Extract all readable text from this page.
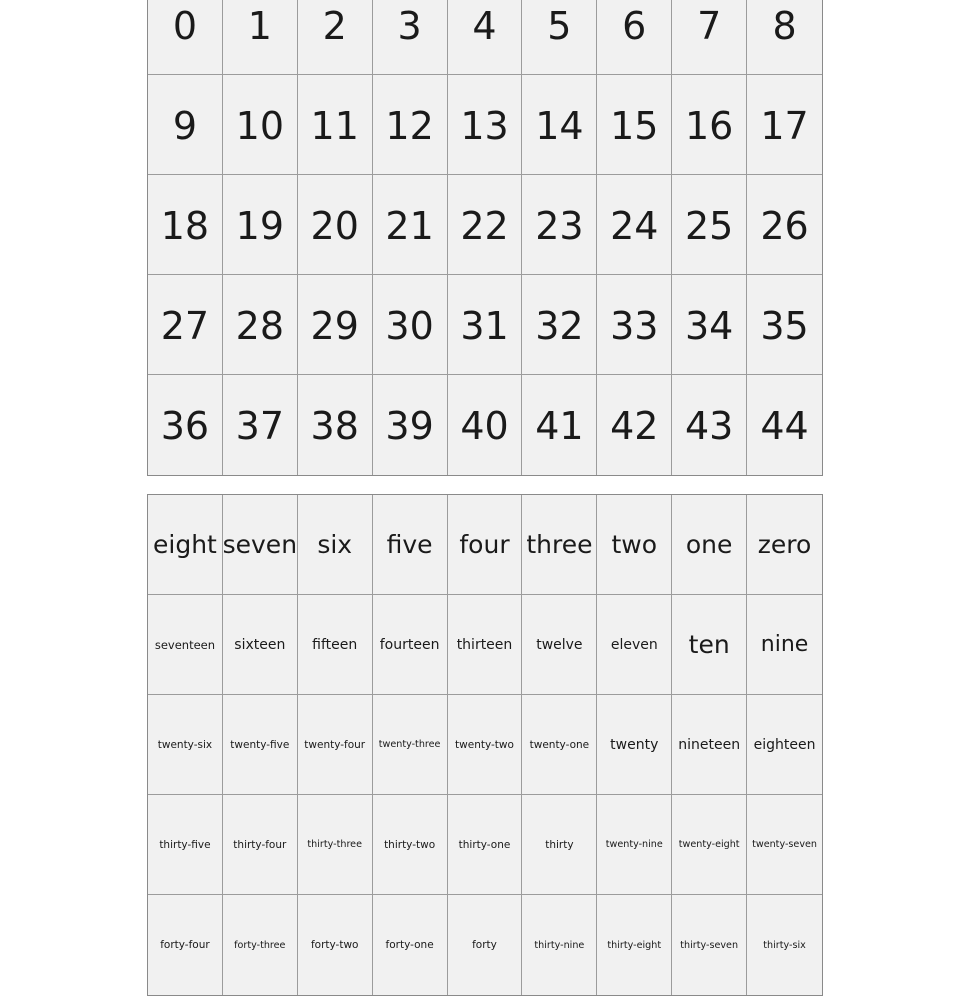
0	1	2	3	4	5	6	7	8
9	10 11 12 13 14 15 16 17
18 19 20 21 22 23 24 25 26
27 28 29 30 31 32 33 34 35
36 37 38 39 40 41 42 43 44
eight seven six	five	four three two	one	zero
seventeen	sixteen	fifteen	fourteen	thirteen	twelve	eleven	ten	nine
twenty-six	twenty-five	twenty-four	twenty-three	twenty-two	twenty-one	twenty	nineteen eighteen
thirty-five	thirty-four	thirty-three	thirty-two	thirty-one	thirty	twenty-nine	twenty-eight	twenty-seven
forty-four	forty-three	forty-two	forty-one	forty	thirty-nine	thirty-eight	thirty-seven	thirty-six
